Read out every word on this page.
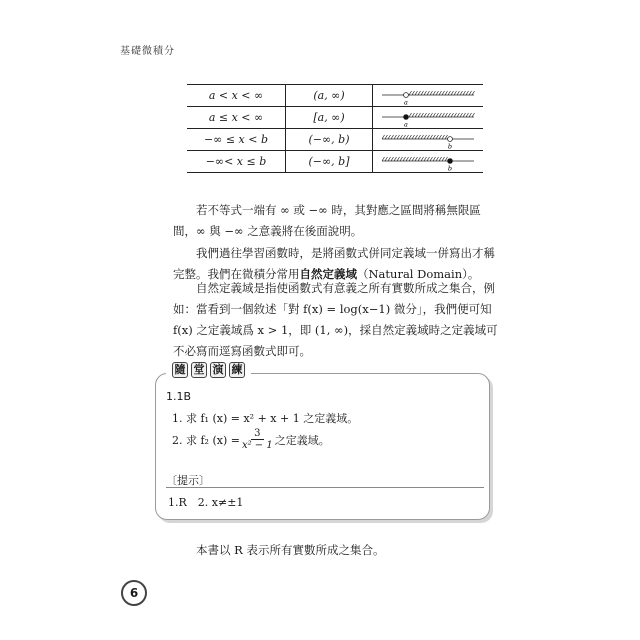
基礎微積分
a < x < ∞	(a, ∞)	a

a ≤ x < ∞	[a, ∞)	a

−∞ ≤ x < b	(−∞, b)	b

−∞< x ≤ b	(−∞, b]	b
若不等式一端有 ∞ 或 −∞ 時，其對應之區間將稱無限區間，∞ 與 −∞ 之意義將在後面說明。
我們過往學習函數時，是將函數式併同定義域一併寫出才稱完整。我們在微積分常用自然定義域（Natural Domain）。
自然定義域是指使函數式有意義之所有實數所成之集合，例
如：當看到一個敘述「對 f(x) = log(x−1) 微分」，我們便可知
f(x) 之定義域爲 x > 1，即 (1, ∞)，採自然定義域時之定義域可
不必寫而逕寫函數式即可。
隨 堂 演 練
1.1B
1. 求 f₁ (x) = x² + x + 1 之定義域。
2. 求 f₂ $(x) = \frac{3}{\text{x² − 1}}$ 之定義域。
〔提示〕
1.R　2. x≠±1
本書以 R 表示所有實數所成之集合。
6
